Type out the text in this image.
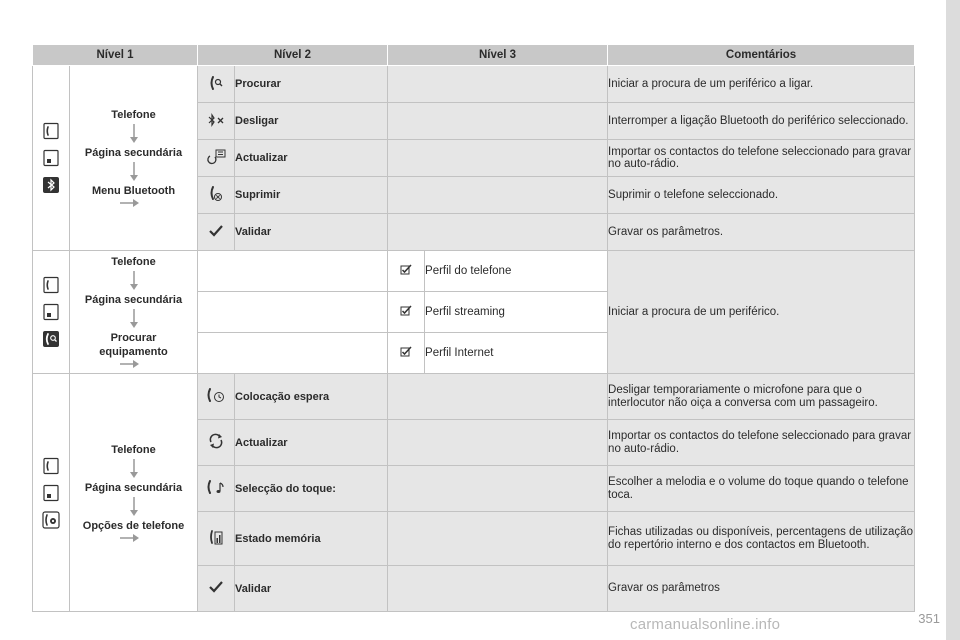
Nível 1		Nível 2		Nível 3		Comentários

Telefone
Página secundária
Menu Bluetooth		Procurar			Iniciar a procura de um periférico a ligar.
	Desligar			Interromper a ligação Bluetooth do periférico seleccionado.
	Actualizar			Importar os contactos do telefone seleccionado para gravar no auto-rádio.
	Suprimir			Suprimir o telefone seleccionado.
	Validar			Gravar os parâmetros.

Telefone
Página secundária
Procurar equipamento				Perfil do telefone	Iniciar a procura de um periférico.
		Perfil streaming	
		Perfil Internet	

Telefone
Página secundária
Opções de telefone		Colocação espera			Desligar temporariamente o microfone para que o interlocutor não oiça a conversa com um passageiro.
	Actualizar			Importar os contactos do telefone seleccionado para gravar no auto-rádio.
	Selecção do toque:			Escolher a melodia e o volume do toque quando o telefone toca.
	Estado memória			Fichas utilizadas ou disponíveis, percentagens de utilização do repertório interno e dos contactos em Bluetooth.
	Validar			Gravar os parâmetros
carmanualsonline.info	351
